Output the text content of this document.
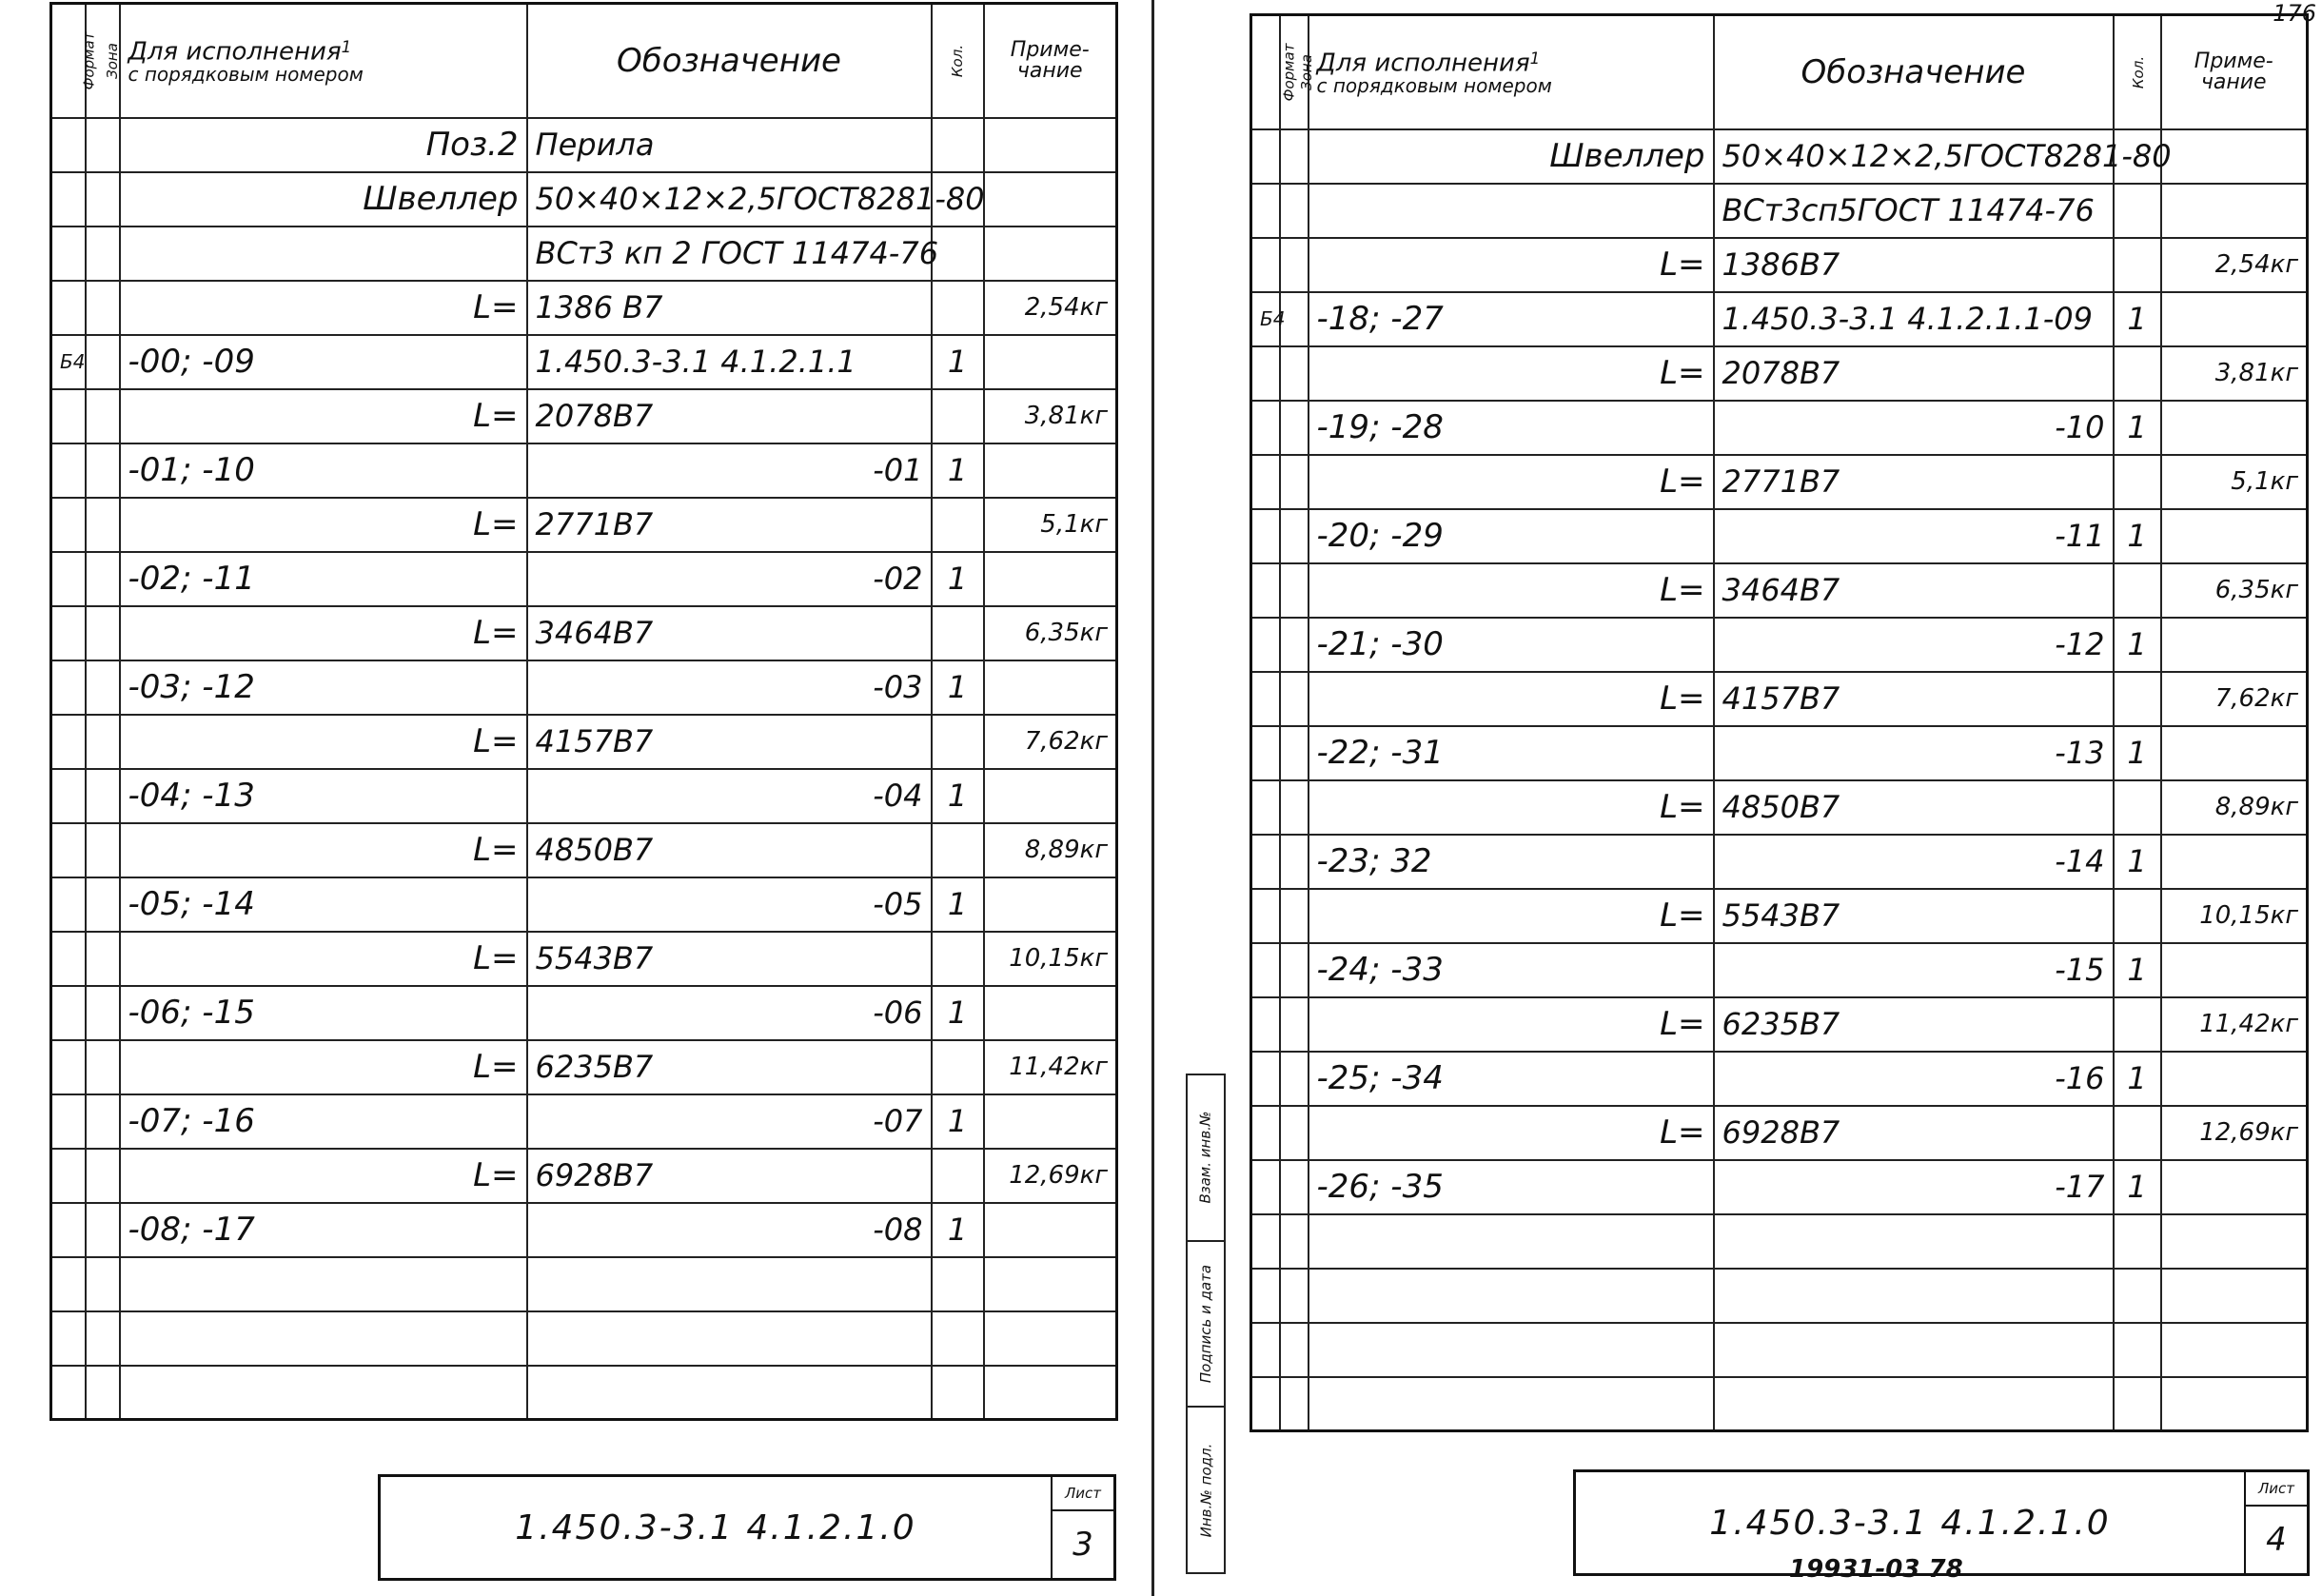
Формат	Зона	Для исполнения$^1$
с порядковым номером	Обозначение	Кол.	Приме-
чание
		Поз.2	Перила		
		Швеллер	50×40×12×2,5ГОСТ8281-80		
			ВСт3 кп 2 ГОСТ 11474-76		
		L=	1386 В7		2,54кг
Б4		-00; -09	1.450.3-3.1 4.1.2.1.1	1	
		L=	2078В7		3,81кг
		-01; -10	-01	1	
		L=	2771В7		5,1кг
		-02; -11	-02	1	
		L=	3464В7		6,35кг
		-03; -12	-03	1	
		L=	4157В7		7,62кг
		-04; -13	-04	1	
		L=	4850В7		8,89кг
		-05; -14	-05	1	
		L=	5543В7		10,15кг
		-06; -15	-06	1	
		L=	6235В7		11,42кг
		-07; -16	-07	1	
		L=	6928В7		12,69кг
		-08; -17	-08	1	

1.450.3-3.1 4.1.2.1.0
Лист
3
Формат	Зона	Для исполнения$^1$
с порядковым номером	Обозначение	Кол.	Приме-
чание
		Швеллер	50×40×12×2,5ГОСТ8281-80		
			ВСт3сп5ГОСТ 11474-76		
		L=	1386В7		2,54кг
Б4		-18; -27	1.450.3-3.1 4.1.2.1.1-09	1	
		L=	2078В7		3,81кг
		-19; -28	-10	1	
		L=	2771В7		5,1кг
		-20; -29	-11	1	
		L=	3464В7		6,35кг
		-21; -30	-12	1	
		L=	4157В7		7,62кг
		-22; -31	-13	1	
		L=	4850В7		8,89кг
		-23; 32	-14	1	
		L=	5543В7		10,15кг
		-24; -33	-15	1	
		L=	6235В7		11,42кг
		-25; -34	-16	1	
		L=	6928В7		12,69кг
		-26; -35	-17	1	

1.450.3-3.1 4.1.2.1.0
Лист
4
Взам. инв.№
Подпись и дата
Инв.№ подл.
19931-03 78
176
